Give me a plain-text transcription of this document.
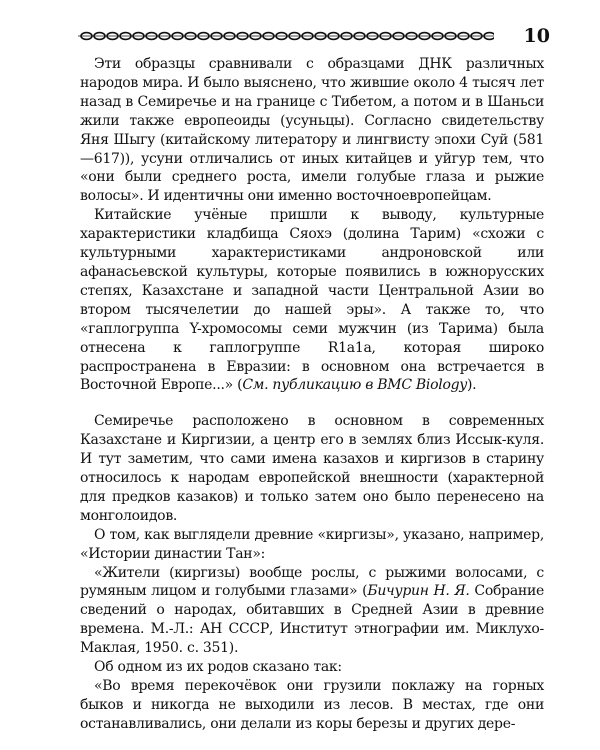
10

Эти образцы сравнивали с образцами ДНК различных народов мира. И было выяснено, что жившие около 4 тысяч лет назад в Семиречье и на границе с Тибетом, а потом и в Шаньси жили также европеоиды (усуньцы). Согласно свидетельству Яня Шыгу (китайскому литератору и лингвисту эпохи Суй (581—617)), усуни отличались от иных китайцев и уйгур тем, что «они были среднего роста, имели голубые глаза и рыжие волосы». И идентичны они именно восточноевропейцам.

Китайские учёные пришли к выводу, культурные характеристики кладбища Сяохэ (долина Тарим) «схожи с культурными характеристиками андроновской или афанасьевской культуры, которые появились в южнорусских степях, Казахстане и западной части Центральной Азии во втором тысячелетии до нашей эры». А также то, что «гаплогруппа Y-хромосомы семи мужчин (из Тарима) была отнесена к гаплогруппе R1a1a, которая широко распространена в Евразии: в основном она встречается в Восточной Европе...» (См. публикацию в BMC Biology).

Семиречье расположено в основном в современных Казахстане и Киргизии, а центр его в землях близ Иссык-куля. И тут заметим, что сами имена казахов и киргизов в старину относилось к народам европейской внешности (характерной для предков казаков) и только затем оно было перенесено на монголоидов.

О том, как выглядели древние «киргизы», указано, например, «Истории династии Тан»:

«Жители (киргизы) вообще рослы, с рыжими волосами, с румяным лицом и голубыми глазами» (Бичурин Н. Я. Собрание сведений о народах, обитавших в Средней Азии в древние времена. М.-Л.: АН СССР, Институт этнографии им. Миклухо-Маклая, 1950. с. 351).

Об одном из их родов сказано так:

«Во время перекочёвок они грузили поклажу на горных быков и никогда не выходили из лесов. В местах, где они останавливались, они делали из коры березы и других дере-
